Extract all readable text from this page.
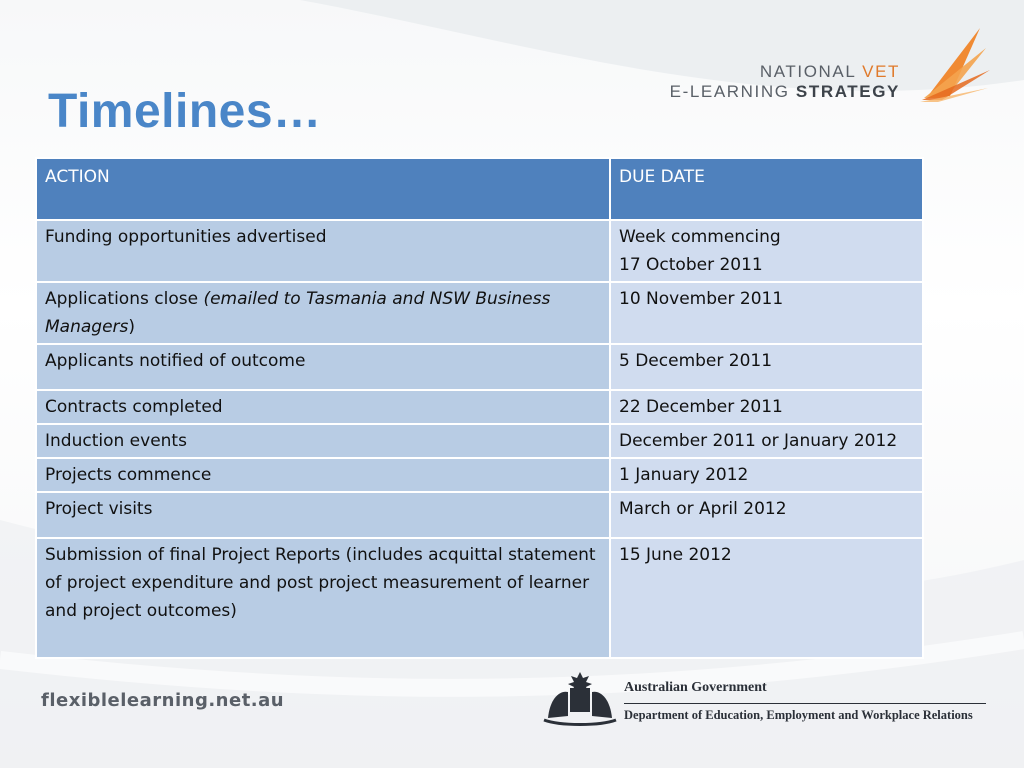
Timelines…
NATIONAL VET
E-LEARNING STRATEGY
ACTION	DUE DATE
Funding opportunities advertised	Week commencing
17 October 2011
Applications close (emailed to Tasmania and NSW Business Managers)	10 November 2011
Applicants notified of outcome	5 December 2011
Contracts completed	22 December 2011
Induction events	December 2011 or January 2012
Projects commence	1 January 2012
Project visits	March or April 2012
Submission of final Project Reports (includes acquittal statement of project expenditure and post project measurement of learner and project outcomes)	15 June 2012
flexiblelearning.net.au
Australian Government
Department of Education, Employment and Workplace Relations
